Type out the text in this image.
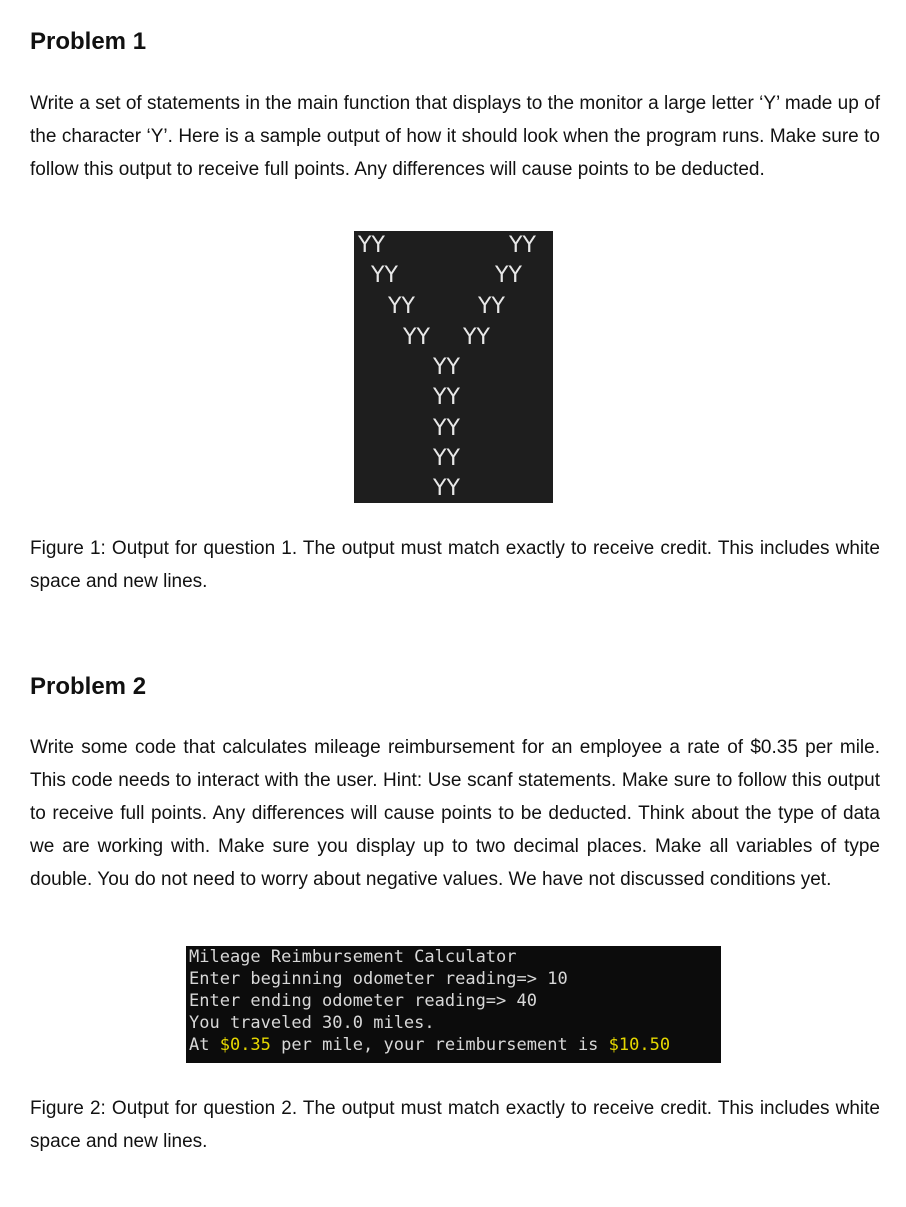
Problem 1

Write a set of statements in the main function that displays to the monitor a large letter ‘Y’ made up of the character ‘Y’. Here is a sample output of how it should look when the program runs. Make sure to follow this output to receive full points. Any differences will cause points to be deducted.

YY	YY
YY	YY
YY	YY
YY YY
YY
YY
YY
YY
YY

Figure 1: Output for question 1. The output must match exactly to receive credit. This includes white space and new lines.

Problem 2

Write some code that calculates mileage reimbursement for an employee a rate of $0.35 per mile. This code needs to interact with the user. Hint: Use scanf statements. Make sure to follow this output to receive full points. Any differences will cause points to be deducted. Think about the type of data we are working with. Make sure you display up to two decimal places. Make all variables of type double. You do not need to worry about negative values. We have not discussed conditions yet.

Mileage Reimbursement Calculator
Enter beginning odometer reading=> 10
Enter ending odometer reading=> 40
You traveled 30.0 miles.
At $0.35 per mile, your reimbursement is $10.50

Figure 2: Output for question 2. The output must match exactly to receive credit. This includes white space and new lines.
